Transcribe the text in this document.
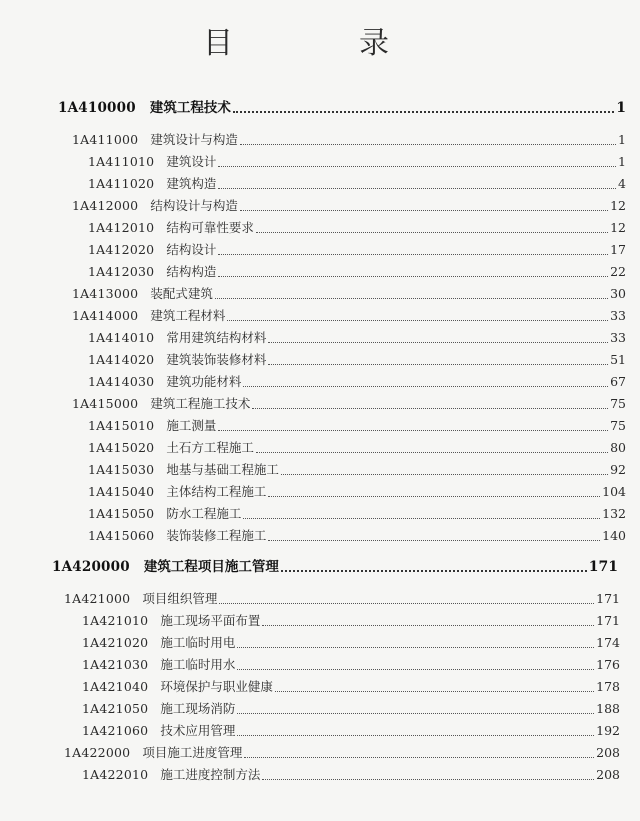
目　录
1A410000 建筑工程技术	1
1A411000 建筑设计与构造	1
1A411010 建筑设计	1
1A411020 建筑构造	4
1A412000 结构设计与构造	12
1A412010 结构可靠性要求	12
1A412020 结构设计	17
1A412030 结构构造	22
1A413000 装配式建筑	30
1A414000 建筑工程材料	33
1A414010 常用建筑结构材料	33
1A414020 建筑装饰装修材料	51
1A414030 建筑功能材料	67
1A415000 建筑工程施工技术	75
1A415010 施工测量	75
1A415020 土石方工程施工	80
1A415030 地基与基础工程施工	92
1A415040 主体结构工程施工	104
1A415050 防水工程施工	132
1A415060 装饰装修工程施工	140
1A420000 建筑工程项目施工管理	171
1A421000 项目组织管理	171
1A421010 施工现场平面布置	171
1A421020 施工临时用电	174
1A421030 施工临时用水	176
1A421040 环境保护与职业健康	178
1A421050 施工现场消防	188
1A421060 技术应用管理	192
1A422000 项目施工进度管理	208
1A422010 施工进度控制方法	208
